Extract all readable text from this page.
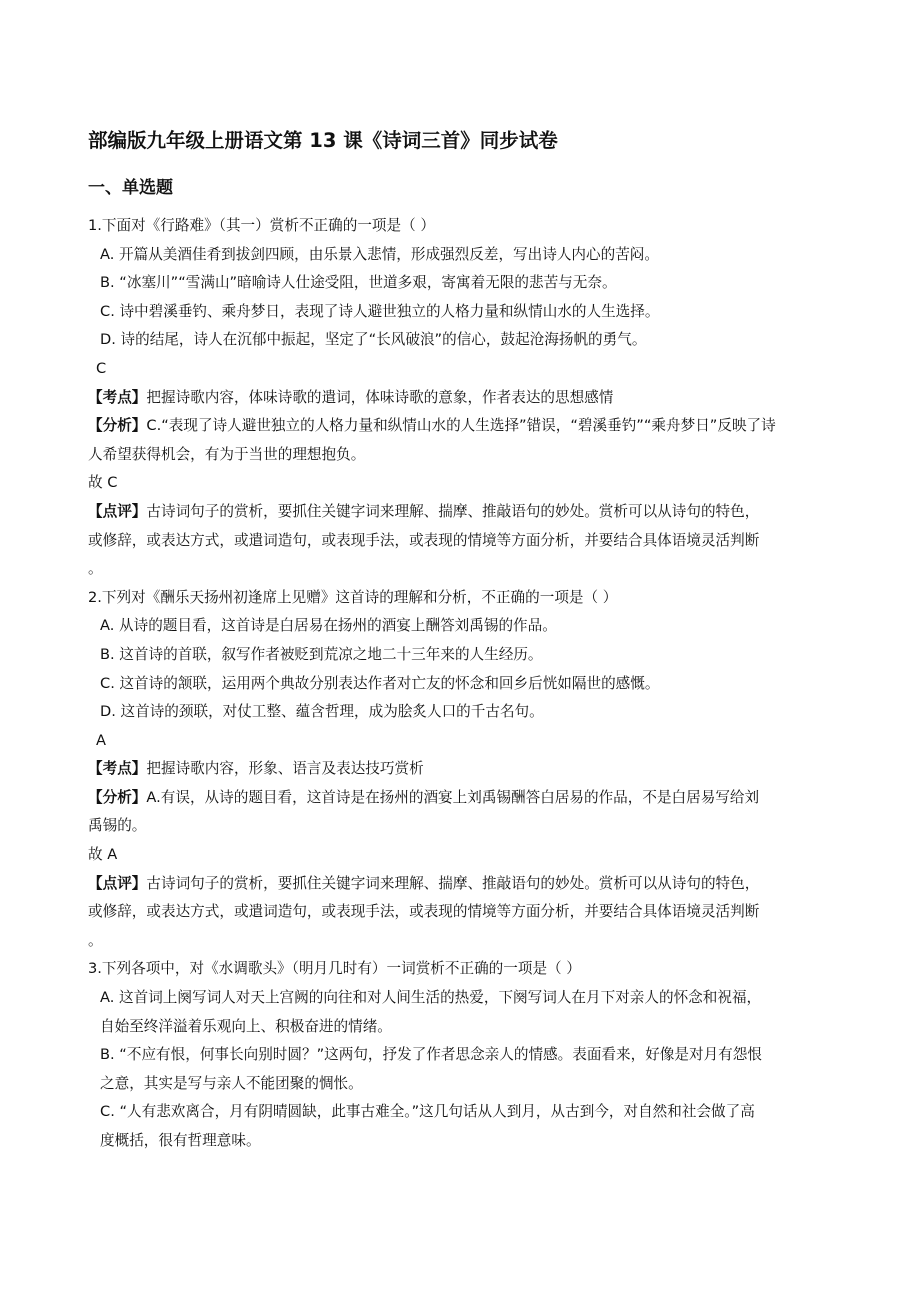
部编版九年级上册语文第 13 课《诗词三首》同步试卷
一、单选题
1.下面对《行路难》（其一）赏析不正确的一项是（ ）
A. 开篇从美酒佳肴到拔剑四顾，由乐景入悲情，形成强烈反差，写出诗人内心的苦闷。
B. “冰塞川”“雪满山”暗喻诗人仕途受阻，世道多艰，寄寓着无限的悲苦与无奈。
C. 诗中碧溪垂钓、乘舟梦日，表现了诗人避世独立的人格力量和纵情山水的人生选择。
D. 诗的结尾，诗人在沉郁中振起，坚定了“长风破浪”的信心，鼓起沧海扬帆的勇气。
C
【考点】把握诗歌内容，体味诗歌的遣词，体味诗歌的意象，作者表达的思想感情
【分析】C.“表现了诗人避世独立的人格力量和纵情山水的人生选择”错误，“碧溪垂钓”“乘舟梦日”反映了诗
人希望获得机会，有为于当世的理想抱负。
故 C
【点评】古诗词句子的赏析，要抓住关键字词来理解、揣摩、推敲语句的妙处。赏析可以从诗句的特色，
或修辞，或表达方式，或遣词造句，或表现手法，或表现的情境等方面分析，并要结合具体语境灵活判断
。
2.下列对《酬乐天扬州初逢席上见赠》这首诗的理解和分析，不正确的一项是（ ）
A. 从诗的题目看，这首诗是白居易在扬州的酒宴上酬答刘禹锡的作品。
B. 这首诗的首联，叙写作者被贬到荒凉之地二十三年来的人生经历。
C. 这首诗的颔联，运用两个典故分别表达作者对亡友的怀念和回乡后恍如隔世的感慨。
D. 这首诗的颈联，对仗工整、蕴含哲理，成为脍炙人口的千古名句。
A
【考点】把握诗歌内容，形象、语言及表达技巧赏析
【分析】A.有误，从诗的题目看，这首诗是在扬州的酒宴上刘禹锡酬答白居易的作品，不是白居易写给刘
禹锡的。
故 A
【点评】古诗词句子的赏析，要抓住关键字词来理解、揣摩、推敲语句的妙处。赏析可以从诗句的特色，
或修辞，或表达方式，或遣词造句，或表现手法，或表现的情境等方面分析，并要结合具体语境灵活判断
。
3.下列各项中，对《水调歌头》（明月几时有）一词赏析不正确的一项是（ ）
A. 这首词上阕写词人对天上宫阙的向往和对人间生活的热爱，下阕写词人在月下对亲人的怀念和祝福，
自始至终洋溢着乐观向上、积极奋进的情绪。
B. “不应有恨，何事长向别时圆？”这两句，抒发了作者思念亲人的情感。表面看来，好像是对月有怨恨
之意，其实是写与亲人不能团聚的惆怅。
C. “人有悲欢离合，月有阴晴圆缺，此事古难全。”这几句话从人到月，从古到今，对自然和社会做了高
度概括，很有哲理意味。
